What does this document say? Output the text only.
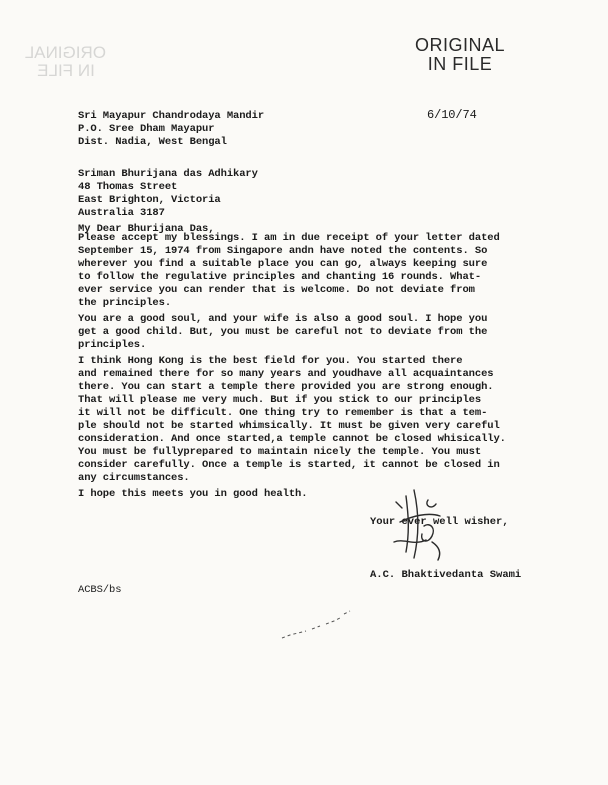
ORIGINAL
IN FILE
ORIGINAL
IN FILE
6/10/74
Sri Mayapur Chandrodaya Mandir
P.O. Sree Dham Mayapur
Dist. Nadia, West Bengal
Sriman Bhurijana das Adhikary
48 Thomas Street
East Brighton, Victoria
Australia 3187
My Dear Bhurijana Das,
Please accept my blessings. I am in due receipt of your letter dated
September 15, 1974 from Singapore andn have noted the contents. So
wherever you find a suitable place you can go, always keeping sure
to follow the regulative principles and chanting 16 rounds. What-
ever service you can render that is welcome. Do not deviate from
the principles.
You are a good soul, and your wife is also a good soul. I hope you
get a good child. But, you must be careful not to deviate from the
principles.
I think Hong Kong is the best field for you. You started there
and remained there for so many years and youdhave all acquaintances
there. You can start a temple there provided you are strong enough.
That will please me very much. But if you stick to our principles
it will not be difficult. One thing try to remember is that a tem-
ple should not be started whimsically. It must be given very careful
consideration. And once started,a temple cannot be closed whisically.
You must be fullyprepared to maintain nicely the temple. You must
consider carefully. Once a temple is started, it cannot be closed in
any circumstances.
I hope this meets you in good health.
Your ever well wisher,
A.C. Bhaktivedanta Swami
ACBS/bs
